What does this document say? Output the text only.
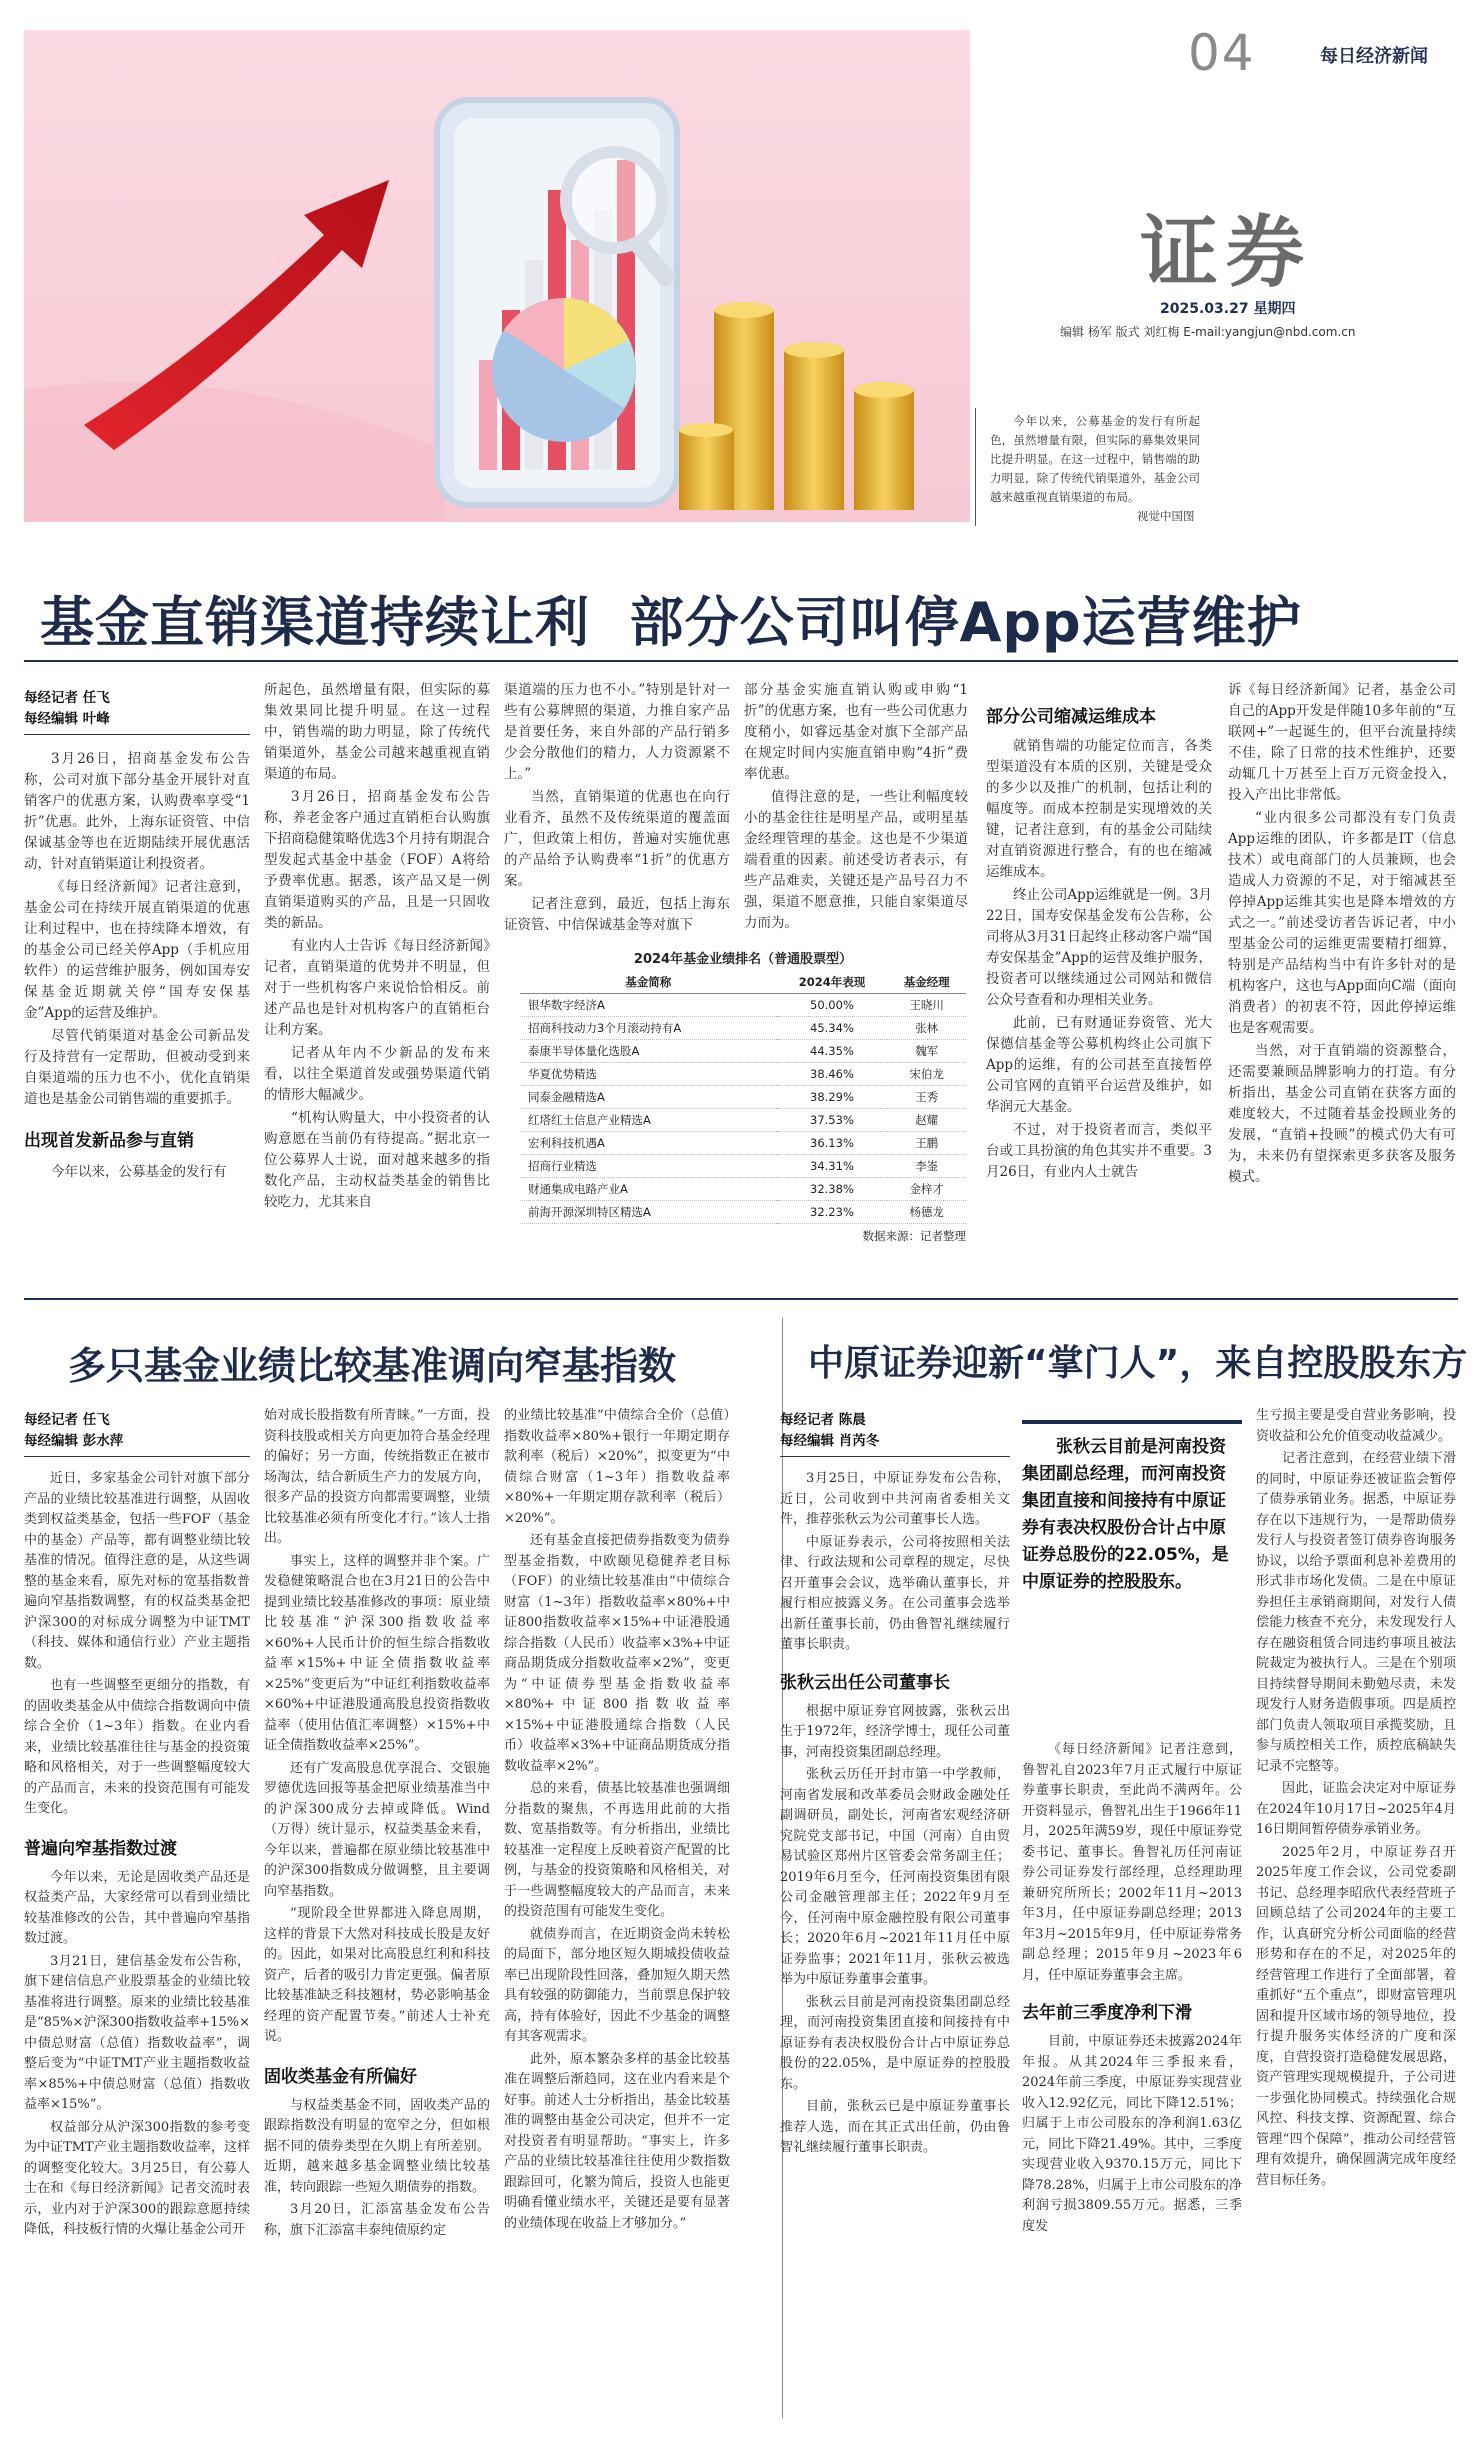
04	每日经济新闻
证券
2025.03.27 星期四
编辑 杨军 版式 刘红梅 E-mail:yangjun@nbd.com.cn
今年以来，公募基金的发行有所起色，虽然增量有限，但实际的募集效果同比提升明显。在这一过程中，销售端的助力明显，除了传统代销渠道外，基金公司越来越重视直销渠道的布局。
视觉中国图
基金直销渠道持续让利  部分公司叫停App运营维护
每经记者 任飞
每经编辑 叶峰

3月26日，招商基金发布公告称，公司对旗下部分基金开展针对直销客户的优惠方案，认购费率享受“1折”优惠。此外，上海东证资管、中信保诚基金等也在近期陆续开展优惠活动，针对直销渠道让利投资者。

《每日经济新闻》记者注意到，基金公司在持续开展直销渠道的优惠让利过程中，也在持续降本增效，有的基金公司已经关停App（手机应用软件）的运营维护服务，例如国寿安保基金近期就关停“国寿安保基金”App的运营及维护。

尽管代销渠道对基金公司新品发行及持营有一定帮助，但被动受到来自渠道端的压力也不小，优化直销渠道也是基金公司销售端的重要抓手。

出现首发新品参与直销

今年以来，公募基金的发行有

所起色，虽然增量有限，但实际的募集效果同比提升明显。在这一过程中，销售端的助力明显，除了传统代销渠道外，基金公司越来越重视直销渠道的布局。

3月26日，招商基金发布公告称，养老金客户通过直销柜台认购旗下招商稳健策略优选3个月持有期混合型发起式基金中基金（FOF）A将给予费率优惠。据悉，该产品又是一例直销渠道购买的产品，且是一只固收类的新品。

有业内人士告诉《每日经济新闻》记者，直销渠道的优势并不明显，但对于一些机构客户来说恰恰相反。前述产品也是针对机构客户的直销柜台让利方案。

记者从年内不少新品的发布来看，以往全渠道首发或强势渠道代销的情形大幅减少。

“机构认购量大，中小投资者的认购意愿在当前仍有待提高。”据北京一位公募界人士说，面对越来越多的指数化产品，主动权益类基金的销售比较吃力，尤其来自

渠道端的压力也不小。”特别是针对一些有公募牌照的渠道，力推自家产品是首要任务，来自外部的产品行销多少会分散他们的精力，人力资源紧不上。”

当然，直销渠道的优惠也在向行业看齐，虽然不及传统渠道的覆盖面广，但政策上相仿，普遍对实施优惠的产品给予认购费率“1折”的优惠方案。

记者注意到，最近，包括上海东证资管、中信保诚基金等对旗下

部分基金实施直销认购或申购“1折”的优惠方案，也有一些公司优惠力度稍小，如睿远基金对旗下全部产品在规定时间内实施直销申购“4折”费率优惠。

值得注意的是，一些让利幅度较小的基金往往是明星产品，或明星基金经理管理的基金。这也是不少渠道端看重的因素。前述受访者表示，有些产品难卖，关键还是产品号召力不强，渠道不愿意推，只能自家渠道尽力而为。

2024年基金业绩排名（普通股票型）
基金简称	2024年表现	基金经理
银华数字经济A	50.00%	王晓川
招商科技动力3个月滚动持有A	45.34%	张林
泰康半导体量化选股A	44.35%	魏军
华夏优势精选	38.46%	宋伯龙
同泰金融精选A	38.29%	王秀
红塔红土信息产业精选A	37.53%	赵耀
宏利科技机遇A	36.13%	王鹏
招商行业精选	34.31%	李崟
财通集成电路产业A	32.38%	金梓才
前海开源深圳特区精选A	32.23%	杨德龙
数据来源：记者整理
部分公司缩减运维成本

就销售端的功能定位而言，各类型渠道没有本质的区别，关键是受众的多少以及推广的机制，包括让利的幅度等。而成本控制是实现增效的关键，记者注意到，有的基金公司陆续对直销资源进行整合，有的也在缩减运维成本。

终止公司App运维就是一例。3月22日，国寿安保基金发布公告称，公司将从3月31日起终止移动客户端“国寿安保基金”App的运营及维护服务，投资者可以继续通过公司网站和微信公众号查看和办理相关业务。

此前，已有财通证券资管、光大保德信基金等公募机构终止公司旗下App的运维，有的公司甚至直接暂停公司官网的直销平台运营及维护，如华润元大基金。

不过，对于投资者而言，类似平台或工具扮演的角色其实并不重要。3月26日，有业内人士就告

诉《每日经济新闻》记者，基金公司自己的App开发是伴随10多年前的“互联网+”一起诞生的，但平台流量持续不佳，除了日常的技术性维护，还要动辄几十万甚至上百万元资金投入，投入产出比非常低。

“业内很多公司都没有专门负责App运维的团队，许多都是IT（信息技术）或电商部门的人员兼顾，也会造成人力资源的不足，对于缩减甚至停掉App运维其实也是降本增效的方式之一。”前述受访者告诉记者，中小型基金公司的运维更需要精打细算，特别是产品结构当中有许多针对的是机构客户，这也与App面向C端（面向消费者）的初衷不符，因此停掉运维也是客观需要。

当然，对于直销端的资源整合，还需要兼顾品牌影响力的打造。有分析指出，基金公司直销在获客方面的难度较大，不过随着基金投顾业务的发展，“直销+投顾”的模式仍大有可为，未来仍有望探索更多获客及服务模式。

多只基金业绩比较基准调向窄基指数
每经记者 任飞
每经编辑 彭水萍

近日，多家基金公司针对旗下部分产品的业绩比较基准进行调整，从固收类到权益类基金，包括一些FOF（基金中的基金）产品等，都有调整业绩比较基准的情况。值得注意的是，从这些调整的基金来看，原先对标的宽基指数普遍向窄基指数调整，有的权益类基金把沪深300的对标成分调整为中证TMT（科技、媒体和通信行业）产业主题指数。

也有一些调整至更细分的指数，有的固收类基金从中债综合指数调向中债综合全价（1~3年）指数。在业内看来，业绩比较基准往往与基金的投资策略和风格相关，对于一些调整幅度较大的产品而言，未来的投资范围有可能发生变化。

普遍向窄基指数过渡

今年以来，无论是固收类产品还是权益类产品，大家经常可以看到业绩比较基准修改的公告，其中普遍向窄基指数过渡。

3月21日，建信基金发布公告称，旗下建信信息产业股票基金的业绩比较基准将进行调整。原来的业绩比较基准是“85%×沪深300指数收益率+15%×中债总财富（总值）指数收益率”，调整后变为“中证TMT产业主题指数收益率×85%+中债总财富（总值）指数收益率×15%”。

权益部分从沪深300指数的参考变为中证TMT产业主题指数收益率，这样的调整变化较大。3月25日，有公募人士在和《每日经济新闻》记者交流时表示，业内对于沪深300的跟踪意愿持续降低，科技板行情的火爆让基金公司开

始对成长股指数有所青睐。”一方面，投资科技股或相关方向更加符合基金经理的偏好；另一方面，传统指数正在被市场淘汰，结合新质生产力的发展方向，很多产品的投资方向都需要调整，业绩比较基准必须有所变化才行。”该人士指出。

事实上，这样的调整并非个案。广发稳健策略混合也在3月21日的公告中提到业绩比较基准修改的事项：原业绩比较基准“沪深300指数收益率×60%+人民币计价的恒生综合指数收益率×15%+中证全债指数收益率×25%”变更后为“中证红利指数收益率×60%+中证港股通高股息投资指数收益率（使用估值汇率调整）×15%+中证全债指数收益率×25%”。

还有广发高股息优享混合、交银施罗德优选回报等基金把原业绩基准当中的沪深300成分去掉或降低。Wind（万得）统计显示，权益类基金来看，今年以来，普遍都在原业绩比较基准中的沪深300指数成分做调整，且主要调向窄基指数。

“现阶段全世界都进入降息周期，这样的背景下大然对科技成长股是友好的。因此，如果对比高股息红利和科技资产，后者的吸引力肯定更强。偏者原比较基准缺乏科技翘材，势必影响基金经理的资产配置节奏。”前述人士补充说。

固收类基金有所偏好

与权益类基金不同，固收类产品的跟踪指数没有明显的宽窄之分，但如根据不同的债券类型在久期上有所差别。近期，越来越多基金调整业绩比较基准，转向跟踪一些短久期债券的指数。

3月20日，汇添富基金发布公告称，旗下汇添富丰泰纯债原约定

的业绩比较基准“中债综合全价（总值）指数收益率×80%+银行一年期定期存款利率（税后）×20%”，拟变更为“中债综合财富（1~3年）指数收益率×80%+一年期定期存款利率（税后）×20%”。

还有基金直接把债券指数变为债券型基金指数，中欧颐见稳健养老目标（FOF）的业绩比较基准由“中债综合财富（1~3年）指数收益率×80%+中证800指数收益率×15%+中证港股通综合指数（人民币）收益率×3%+中证商品期货成分指数收益率×2%”，变更为“中证债券型基金指数收益率×80%+中证800指数收益率×15%+中证港股通综合指数（人民币）收益率×3%+中证商品期货成分指数收益率×2%”。

总的来看，债基比较基准也强调细分指数的聚焦，不再选用此前的大指数、宽基指数等。有分析指出，业绩比较基准一定程度上反映着资产配置的比例，与基金的投资策略和风格相关，对于一些调整幅度较大的产品而言，未来的投资范围有可能发生变化。

就债券而言，在近期资金尚未转松的局面下，部分地区短久期城投债收益率已出现阶段性回落，叠加短久期天然具有较强的防御能力，当前票息保护较高，持有体验好，因此不少基金的调整有其客观需求。

此外，原本繁杂多样的基金比较基准在调整后渐趋同，这在业内看来是个好事。前述人士分析指出，基金比较基准的调整由基金公司决定，但并不一定对投资者有明显帮助。“事实上，许多产品的业绩比较基准往往使用少数指数跟踪回可，化繁为简后，投资人也能更明确看懂业绩水平，关键还是要有显著的业绩体现在收益上才够加分。”

中原证券迎新“掌门人”，来自控股股东方
每经记者 陈晨
每经编辑 肖芮冬

3月25日，中原证券发布公告称，近日，公司收到中共河南省委相关文件，推荐张秋云为公司董事长人选。

中原证券表示，公司将按照相关法律、行政法规和公司章程的规定，尽快召开董事会会议，选举确认董事长，并履行相应披露义务。在公司董事会选举出新任董事长前，仍由鲁智礼继续履行董事长职责。

张秋云出任公司董事长

根据中原证券官网披露，张秋云出生于1972年，经济学博士，现任公司董事，河南投资集团副总经理。

张秋云历任开封市第一中学教师，河南省发展和改革委员会财政金融处任副调研员，副处长，河南省宏观经济研究院党支部书记，中国（河南）自由贸易试验区郑州片区管委会常务副主任；2019年6月至今，任河南投资集团有限公司金融管理部主任；2022年9月至今，任河南中原金融控股有限公司董事长；2020年6月~2021年11月任中原证券监事；2021年11月，张秋云被选举为中原证券董事会董事。

张秋云目前是河南投资集团副总经理，而河南投资集团直接和间接持有中原证券有表决权股份合计占中原证券总股份的22.05%，是中原证券的控股股东。

目前，张秋云已是中原证券董事长推荐人选，而在其正式出任前，仍由鲁智礼继续履行董事长职责。

张秋云目前是河南投资集团副总经理，而河南投资集团直接和间接持有中原证券有表决权股份合计占中原证券总股份的22.05%，是中原证券的控股股东。

《每日经济新闻》记者注意到，鲁智礼自2023年7月正式履行中原证券董事长职责，至此尚不满两年。公开资料显示，鲁智礼出生于1966年11月，2025年满59岁，现任中原证券党委书记、董事长。鲁智礼历任河南证券公司证券发行部经理，总经理助理兼研究所所长；2002年11月~2013年3月，任中原证券副总经理；2013年3月~2015年9月，任中原证券常务副总经理；2015年9月~2023年6月，任中原证券董事会主席。

去年前三季度净利下滑

目前，中原证券还未披露2024年年报。从其2024年三季报来看，2024年前三季度，中原证券实现营业收入12.92亿元，同比下降12.51%；归属于上市公司股东的净利润1.63亿元，同比下降21.49%。其中，三季度实现营业收入9370.15万元，同比下降78.28%，归属于上市公司股东的净利润亏损3809.55万元。据悉，三季度发

生亏损主要是受自营业务影响，投资收益和公允价值变动收益减少。

记者注意到，在经营业绩下滑的同时，中原证券还被证监会暂停了债券承销业务。据悉，中原证券存在以下违规行为，一是帮助债券发行人与投资者签订债券咨询服务协议，以给予票面利息补差费用的形式非市场化发债。二是在中原证券担任主承销商期间，对发行人债偿能力核查不充分，未发现发行人存在融资租赁合同违约事项且被法院裁定为被执行人。三是在个别项目持续督导期间未勤勉尽责，未发现发行人财务造假事项。四是质控部门负责人领取项目承揽奖励，且参与质控相关工作，质控底稿缺失记录不完整等。

因此，证监会决定对中原证券在2024年10月17日~2025年4月16日期间暂停债券承销业务。

2025年2月，中原证券召开2025年度工作会议，公司党委副书记、总经理李昭欣代表经营班子回顾总结了公司2024年的主要工作，认真研究分析公司面临的经营形势和存在的不足，对2025年的经营管理工作进行了全面部署，着重抓好“五个重点”，即财富管理巩固和提升区域市场的领导地位，投行提升服务实体经济的广度和深度，自营投资打造稳健发展思路，资产管理实现规模提升，子公司进一步强化协同模式。持续强化合规风控、科技支撑、资源配置、综合管理“四个保障”，推动公司经营管理有效提升，确保圆满完成年度经营目标任务。
